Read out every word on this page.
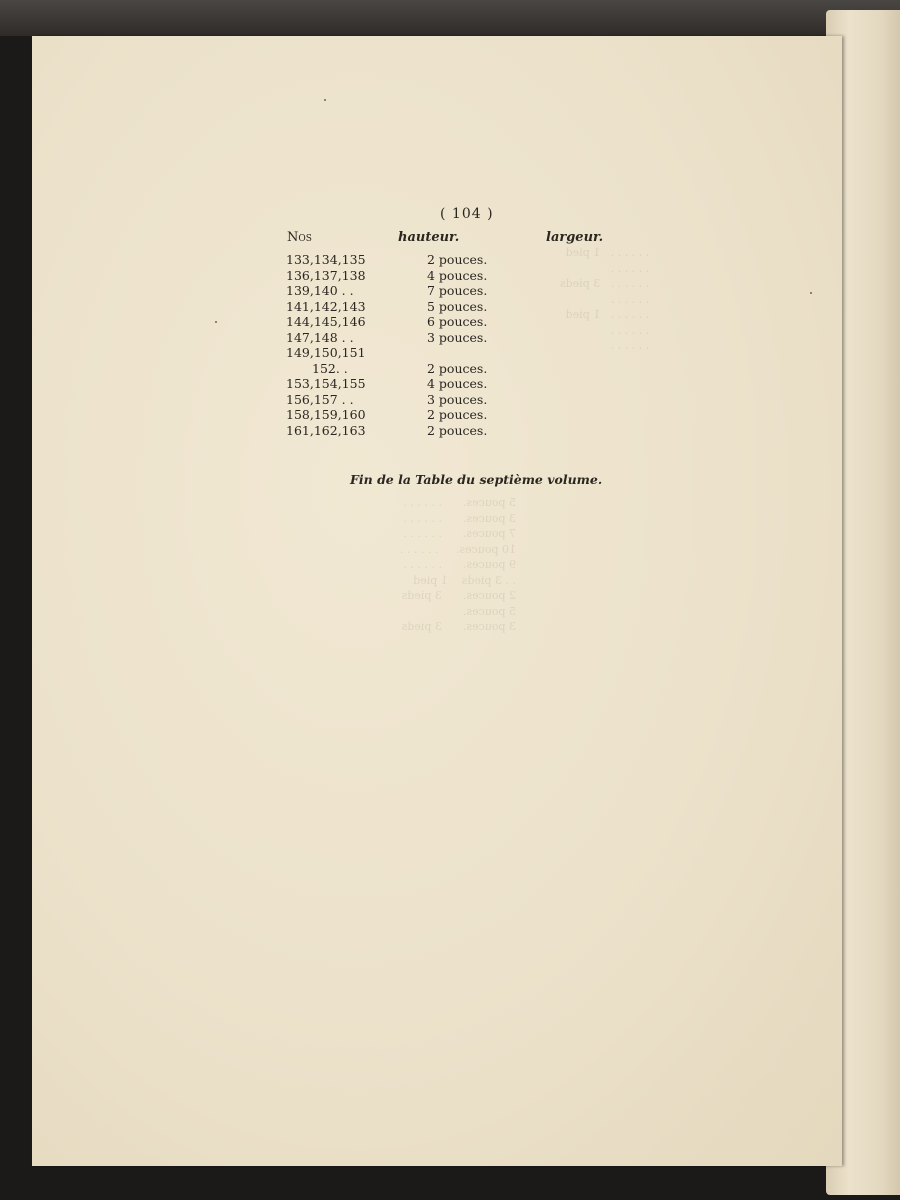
. . . . . .   1 pied
. . . . . .
. . . . . .   3 pieds
. . . . . .
. . . . . .   1 pied
. . . . . .
. . . . . .
5 pouces.      . . . . . .
3 pouces.      . . . . . .
7 pouces.      . . . . . .
10 pouces.     . . . . . .
9 pouces.      . . . . . .
. . 3 pieds    1 pied
2 pouces.      3 pieds
5 pouces.
3 pouces.      3 pieds
( 104 )
Nos	hauteur.	largeur.
133,134,135	2 pouces.
136,137,138	4 pouces.
139,140 . .	7 pouces.
141,142,143	5 pouces.
144,145,146	6 pouces.
147,148 . .	3 pouces.
149,150,151
152. .	2 pouces.
153,154,155	4 pouces.
156,157 . .	3 pouces.
158,159,160	2 pouces.
161,162,163	2 pouces.
Fin de la Table du septième volume.
